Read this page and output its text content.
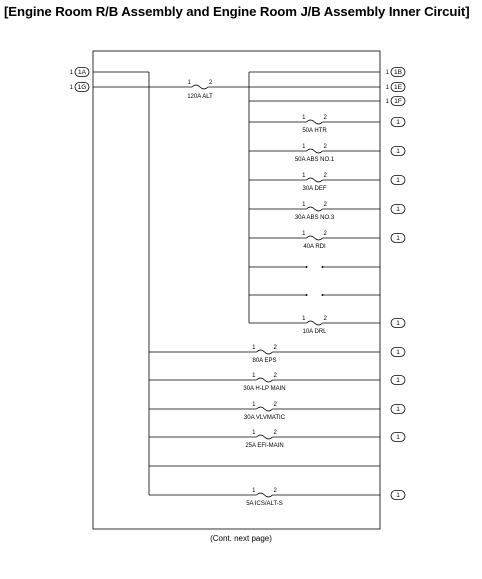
[Engine Room R/B Assembly and Engine Room J/B Assembly Inner Circuit]
1 1A
1 1G
1 1B
1 1E
1 1F
1	2
120A ALT
1	2
50A HTR
1
1	2
50A ABS NO.1
1
1	2
30A DEF
1
1	2
30A ABS NO.3
1
1	2
40A RDI
1
1	2
10A DRL
1
1	2
80A EPS
1
1	2
30A H-LP MAIN
1
1	2
30A VLVMATIC
1
1	2
25A EFI-MAIN
1
1	2
5A ICS/ALT-S
1
(Cont. next page)
